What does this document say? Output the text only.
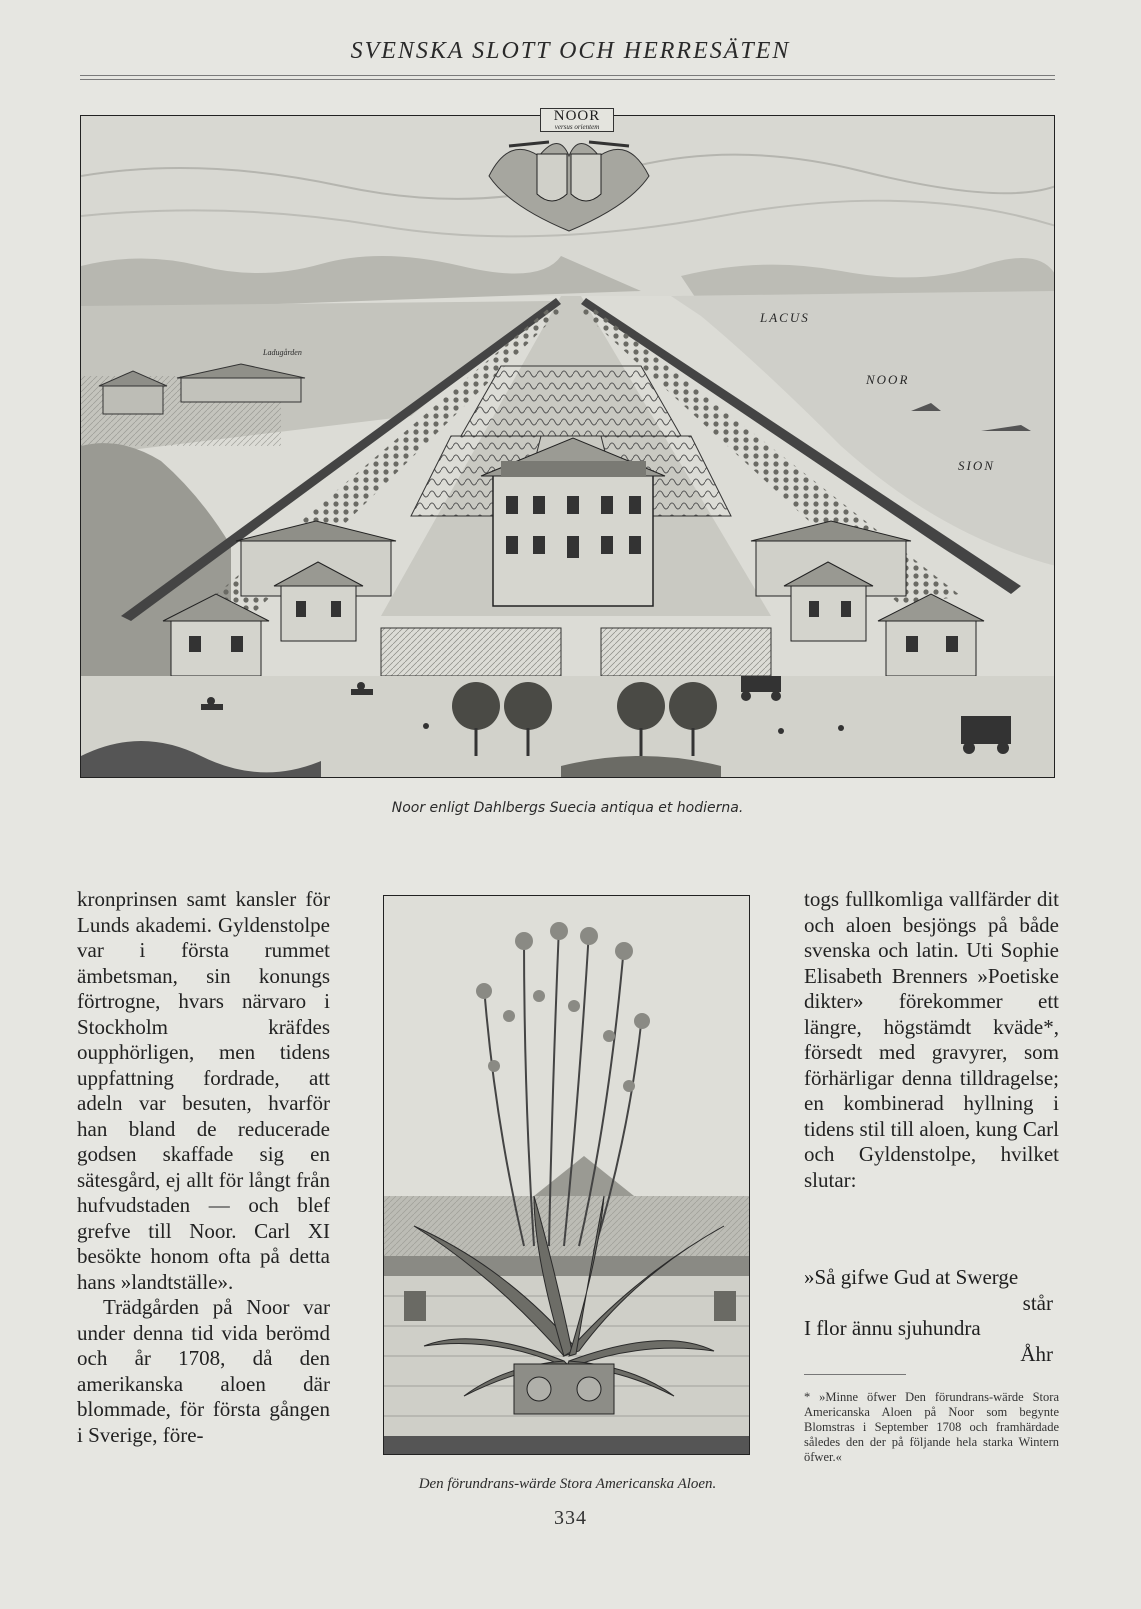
SVENSKA SLOTT OCH HERRESÄTEN
NOOR
versus orientem
LACUS
NOOR
SION
Ladugården
Noor enligt Dahlbergs Suecia antiqua et hodierna.

kronprinsen samt kansler för Lunds akademi. Gyldenstolpe var i första rummet ämbetsman, sin konungs förtrogne, hvars närvaro i Stockholm kräfdes oupphörligen, men tidens uppfattning fordrade, att adeln var besuten, hvarför han bland de reducerade godsen skaffade sig en sätesgård, ej allt för långt från hufvudstaden — och blef grefve till Noor. Carl XI besökte honom ofta på detta hans »landtställe».

Trädgården på Noor var under denna tid vida berömd och år 1708, då den amerikanska aloen där blommade, för första gången i Sverige, före-

Den förundrans-wärde Stora Americanska Aloen.

togs fullkomliga vallfärder dit och aloen besjöngs på både svenska och latin. Uti Sophie Elisabeth Brenners »Poetiske dikter» förekommer ett längre, högstämdt kväde*, försedt med gravyrer, som förhärligar denna tilldragelse; en kombinerad hyllning i tidens stil till aloen, kung Carl och Gyldenstolpe, hvilket slutar:

»Så gifwe Gud at Swerge
står
I flor ännu sjuhundra
Åhr
* »Minne öfwer Den förundrans-wärde Stora Americanska Aloen på Noor som begynte Blomstras i September 1708 och framhärdade således den der på följande hela starka Wintern öfwer.«
334
